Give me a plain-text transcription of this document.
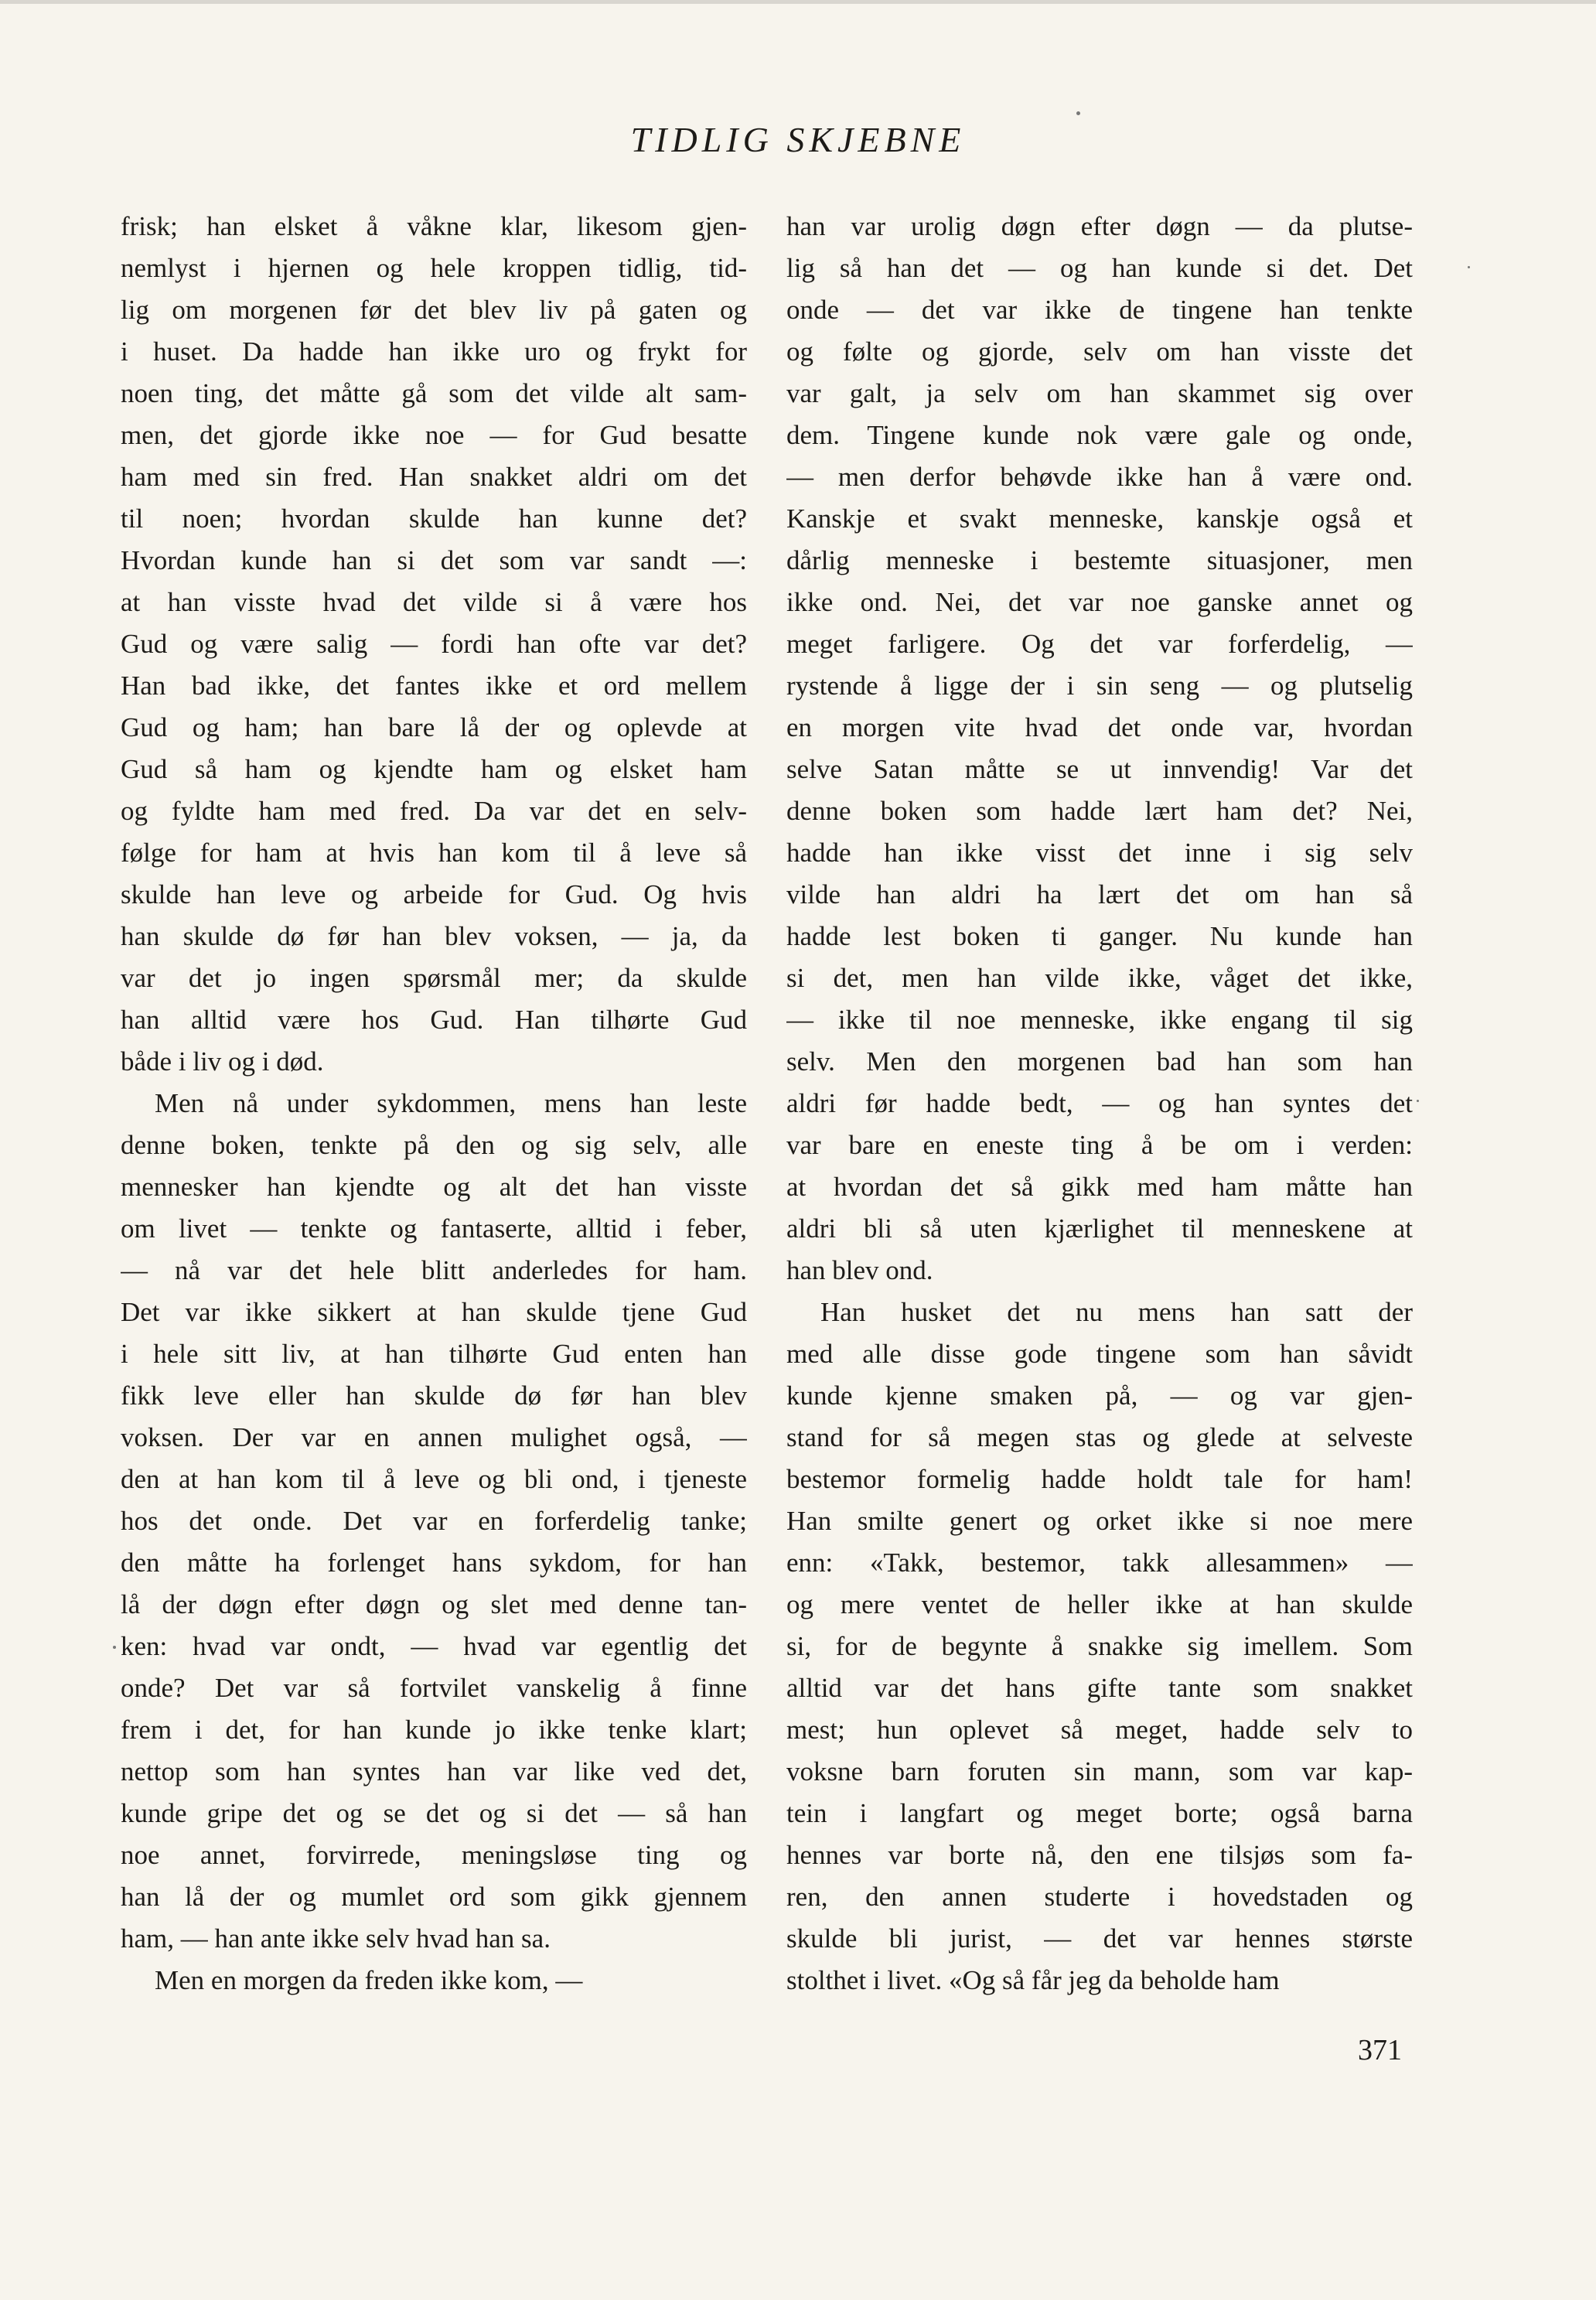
TIDLIG SKJEBNE
frisk; han elsket å våkne klar, likesom gjen-
nemlyst i hjernen og hele kroppen tidlig, tid-
lig om morgenen før det blev liv på gaten og
i huset. Da hadde han ikke uro og frykt for
noen ting, det måtte gå som det vilde alt sam-
men, det gjorde ikke noe — for Gud besatte
ham med sin fred. Han snakket aldri om det
til noen; hvordan skulde han kunne det?
Hvordan kunde han si det som var sandt —:
at han visste hvad det vilde si å være hos
Gud og være salig — fordi han ofte var det?
Han bad ikke, det fantes ikke et ord mellem
Gud og ham; han bare lå der og oplevde at
Gud så ham og kjendte ham og elsket ham
og fyldte ham med fred. Da var det en selv-
følge for ham at hvis han kom til å leve så
skulde han leve og arbeide for Gud. Og hvis
han skulde dø før han blev voksen, — ja, da
var det jo ingen spørsmål mer; da skulde
han alltid være hos Gud. Han tilhørte Gud
både i liv og i død.
Men nå under sykdommen, mens han leste
denne boken, tenkte på den og sig selv, alle
mennesker han kjendte og alt det han visste
om livet — tenkte og fantaserte, alltid i feber,
— nå var det hele blitt anderledes for ham.
Det var ikke sikkert at han skulde tjene Gud
i hele sitt liv, at han tilhørte Gud enten han
fikk leve eller han skulde dø før han blev
voksen. Der var en annen mulighet også, —
den at han kom til å leve og bli ond, i tjeneste
hos det onde. Det var en forferdelig tanke;
den måtte ha forlenget hans sykdom, for han
lå der døgn efter døgn og slet med denne tan-
ken: hvad var ondt, — hvad var egentlig det
onde? Det var så fortvilet vanskelig å finne
frem i det, for han kunde jo ikke tenke klart;
nettop som han syntes han var like ved det,
kunde gripe det og se det og si det — så han
noe annet, forvirrede, meningsløse ting og
han lå der og mumlet ord som gikk gjennem
ham, — han ante ikke selv hvad han sa.
Men en morgen da freden ikke kom, —
han var urolig døgn efter døgn — da plutse-
lig så han det — og han kunde si det. Det
onde — det var ikke de tingene han tenkte
og følte og gjorde, selv om han visste det
var galt, ja selv om han skammet sig over
dem. Tingene kunde nok være gale og onde,
— men derfor behøvde ikke han å være ond.
Kanskje et svakt menneske, kanskje også et
dårlig menneske i bestemte situasjoner, men
ikke ond. Nei, det var noe ganske annet og
meget farligere. Og det var forferdelig, —
rystende å ligge der i sin seng — og plutselig
en morgen vite hvad det onde var, hvordan
selve Satan måtte se ut innvendig! Var det
denne boken som hadde lært ham det? Nei,
hadde han ikke visst det inne i sig selv
vilde han aldri ha lært det om han så
hadde lest boken ti ganger. Nu kunde han
si det, men han vilde ikke, våget det ikke,
— ikke til noe menneske, ikke engang til sig
selv. Men den morgenen bad han som han
aldri før hadde bedt, — og han syntes det
var bare en eneste ting å be om i verden:
at hvordan det så gikk med ham måtte han
aldri bli så uten kjærlighet til menneskene at
han blev ond.
Han husket det nu mens han satt der
med alle disse gode tingene som han såvidt
kunde kjenne smaken på, — og var gjen-
stand for så megen stas og glede at selveste
bestemor formelig hadde holdt tale for ham!
Han smilte genert og orket ikke si noe mere
enn: «Takk, bestemor, takk allesammen» —
og mere ventet de heller ikke at han skulde
si, for de begynte å snakke sig imellem. Som
alltid var det hans gifte tante som snakket
mest; hun oplevet så meget, hadde selv to
voksne barn foruten sin mann, som var kap-
tein i langfart og meget borte; også barna
hennes var borte nå, den ene tilsjøs som fa-
ren, den annen studerte i hovedstaden og
skulde bli jurist, — det var hennes største
stolthet i livet. «Og så får jeg da beholde ham
371
